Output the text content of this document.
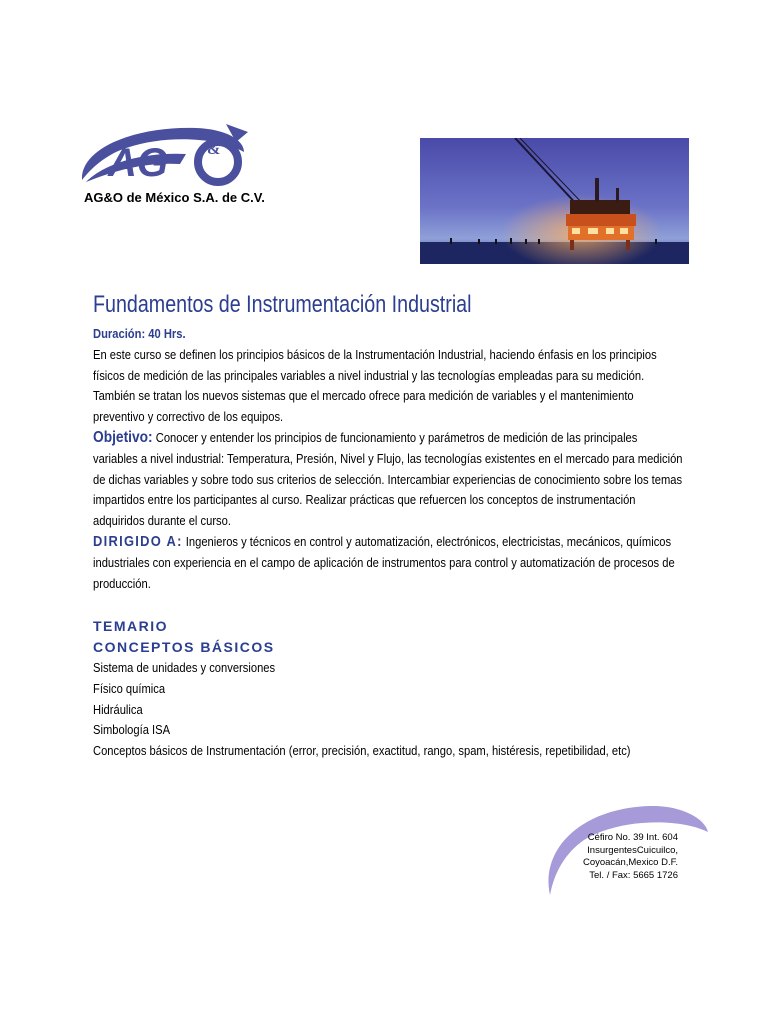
AG &
AG&O de México S.A. de C.V.
Fundamentos de Instrumentación Industrial

Duración: 40 Hrs.

En este curso se definen los principios básicos de la Instrumentación Industrial, haciendo énfasis en los principios físicos de medición de las principales variables a nivel industrial y las tecnologías empleadas para su medición. También se tratan los nuevos sistemas que el mercado ofrece para medición de variables y el mantenimiento preventivo y correctivo de los equipos.

Objetivo: Conocer y entender los principios de funcionamiento y parámetros de medición de las principales variables a nivel industrial: Temperatura, Presión, Nivel y Flujo, las tecnologías existentes en el mercado para medición de dichas variables y sobre todo sus criterios de selección. Intercambiar experiencias de conocimiento sobre los temas impartidos entre los participantes al curso. Realizar prácticas que refuercen los conceptos de instrumentación adquiridos durante el curso.

DIRIGIDO A: Ingenieros y técnicos en control y automatización, electrónicos, electricistas, mecánicos, químicos industriales con experiencia en el campo de aplicación de instrumentos para control y automatización de procesos de producción.

TEMARIO

CONCEPTOS BÁSICOS

Sistema de unidades y conversiones
Físico química
Hidráulica
Simbología ISA
Conceptos básicos de Instrumentación (error, precisión, exactitud, rango, spam, histéresis, repetibilidad, etc)
Céfiro No. 39 Int. 604
InsurgentesCuicuilco,
Coyoacán,Mexico D.F.
Tel. / Fax: 5665 1726
